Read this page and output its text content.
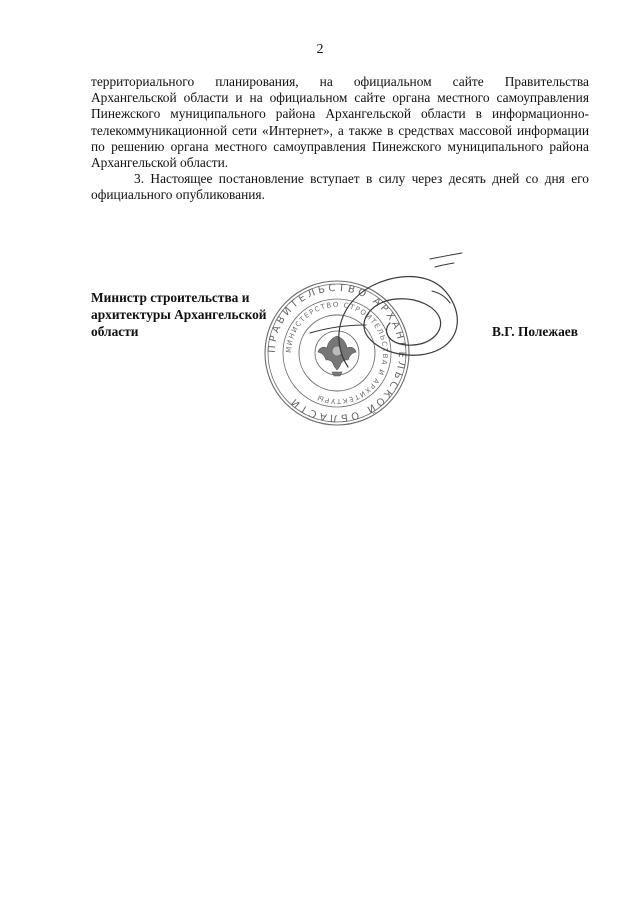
2

территориального планирования, на официальном сайте Правительства Архангельской области и на официальном сайте органа местного самоуправления Пинежского муниципального района Архангельской области в информационно-телекоммуникационной сети «Интернет», а также в средствах массовой информации по решению органа местного самоуправления Пинежского муниципального района Архангельской области.

3. Настоящее постановление вступает в силу через десять дней со дня его официального опубликования.

ПРАВИТЕЛЬСТВО АРХАНГЕЛЬСКОЙ ОБЛАСТИ
МИНИСТЕРСТВО СТРОИТЕЛЬСТВА И АРХИТЕКТУРЫ
Министр строительства и
архитектуры Архангельской
области	В.Г. Полежаев
